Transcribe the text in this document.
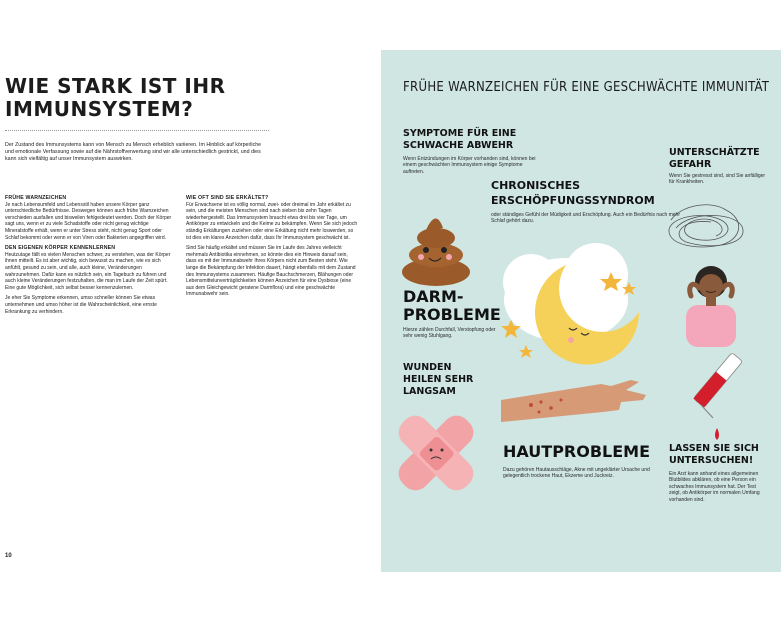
WIE STARK IST IHR IMMUNSYSTEM?

Der Zustand des Immunsystems kann von Mensch zu Mensch erheblich variieren. Im Hinblick auf körperliche und emotionale Verfassung sowie auf die Nährstoffverwertung sind wir alle unterschiedlich gestrickt, und dies kann sich vielfältig auf unser Immunsystem auswirken.

FRÜHE WARNZEICHEN

Je nach Lebensumfeld und Lebensstil haben unsere Körper ganz unterschiedliche Bedürfnisse. Deswegen können auch frühe Warnzeichen verschieden ausfallen und bisweilen fehlgedeutet werden. Doch der Körper sagt uns, wenn er zu viele Schadstoffe oder nicht genug wichtige Mineralstoffe erhält, wenn er unter Stress steht, nicht genug Sport oder Schlaf bekommt oder wenn er von Viren oder Bakterien angegriffen wird.

DEN EIGENEN KÖRPER KENNENLERNEN

Heutzutage fällt es vielen Menschen schwer, zu verstehen, was der Körper ihnen mitteilt. Es ist aber wichtig, sich bewusst zu machen, wie es sich anfühlt, gesund zu sein, und alle, auch kleine, Veränderungen wahrzunehmen. Dafür kann es nützlich sein, ein Tagebuch zu führen und auch kleine Veränderungen festzuhalten, die man im Laufe der Zeit spürt. Eine gute Möglichkeit, sich selbst besser kennenzulernen.

Je eher Sie Symptome erkennen, umso schneller können Sie etwas unternehmen und umso höher ist die Wahrscheinlichkeit, eine ernste Erkrankung zu verhindern.

WIE OFT SIND SIE ERKÄLTET?

Für Erwachsene ist es völlig normal, zwei- oder dreimal im Jahr erkältet zu sein, und die meisten Menschen sind nach sieben bis zehn Tagen wiederhergestellt. Das Immunsystem braucht etwa drei bis vier Tage, um Antikörper zu entwickeln und die Keime zu bekämpfen. Wenn Sie sich jedoch ständig Erkältungen zuziehen oder eine Erkältung nicht mehr loswerden, so ist dies ein klares Anzeichen dafür, dass Ihr Immunsystem geschwächt ist.

Sind Sie häufig erkältet und müssen Sie im Laufe des Jahres vielleicht mehrmals Antibiotika einnehmen, so könnte dies ein Hinweis darauf sein, dass es mit der Immunabwehr Ihres Körpers nicht zum Besten steht. Wie lange die Bekämpfung der Infektion dauert, hängt ebenfalls mit dem Zustand des Immunsystems zusammen. Häufige Bauchschmerzen, Blähungen oder Lebensmittelunverträglichkeiten können Anzeichen für eine Dysbiose (eine aus dem Gleichgewicht geratene Darmflora) und eine geschwächte Immunabwehr sein.

10
FRÜHE WARNZEICHEN FÜR EINE GESCHWÄCHTE IMMUNITÄT
SYMPTOME FÜR EINE SCHWACHE ABWEHR
Wenn Entzündungen im Körper vorhanden sind, können bei einem geschwächten Immunsystem einige Symptome auftreten.
UNTERSCHÄTZTE GEFAHR
Wenn Sie gestresst sind, sind Sie anfälliger für Krankheiten.
CHRONISCHES ERSCHÖPFUNGSSYNDROM
oder ständiges Gefühl der Müdigkeit und Erschöpfung. Auch ein Bedürfnis nach mehr Schlaf gehört dazu.
DARM-PROBLEME
Hierze zählen Durchfall, Verstopfung oder sehr wenig Stuhlgang.
WUNDEN HEILEN SEHR LANGSAM
HAUTPROBLEME
Dazu gehören Hautausschläge, Akne mit ungeklärter Ursache und gelegentlich trockene Haut, Ekzeme und Juckreiz.
LASSEN SIE SICH UNTERSUCHEN!
Ein Arzt kann anhand eines allgemeinen Blutbildes abklären, ob eine Person ein schwaches Immunsystem hat. Der Test zeigt, ob Antikörper im normalen Umfang vorhanden sind.
